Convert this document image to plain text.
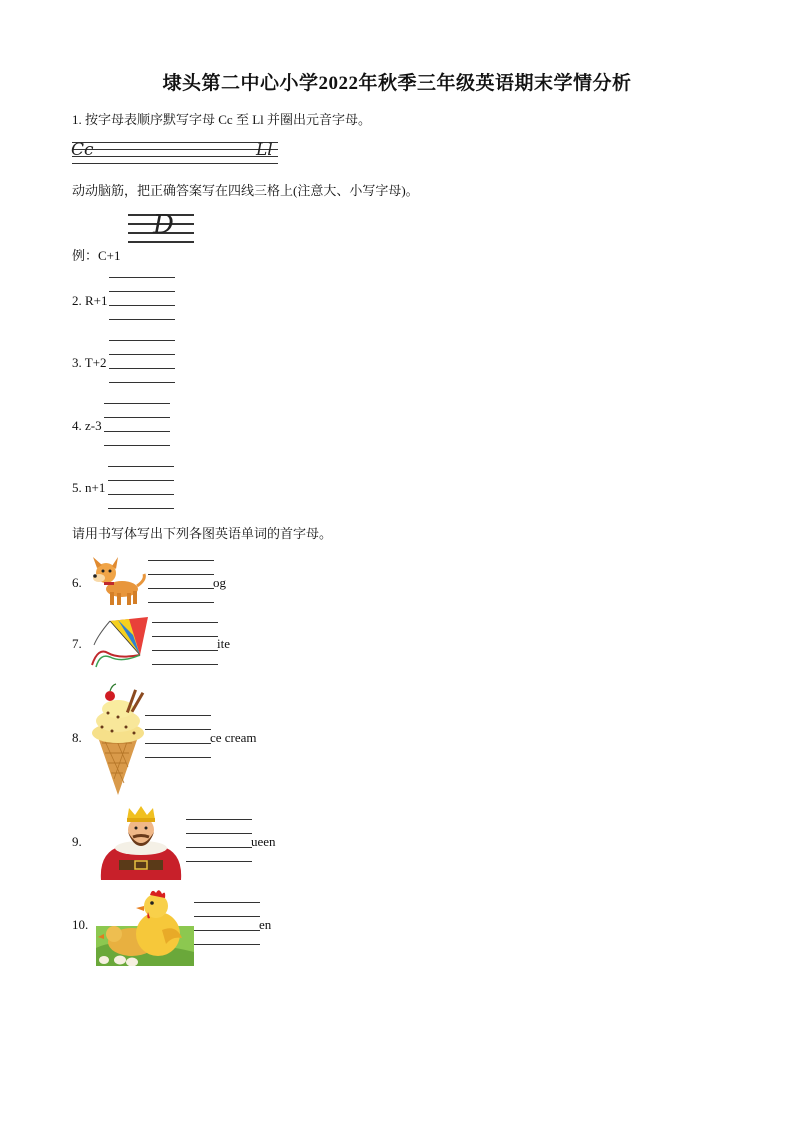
埭头第二中心小学2022年秋季三年级英语期末学情分析
1. 按字母表顺序默写字母 Cc 至 Ll 并圈出元音字母。
Cc	Ll
动动脑筋，把正确答案写在四线三格上(注意大、小写字母)。
D
例：C+1
2. R+1
3. T+2
4. z-3
5. n+1
请用书写体写出下列各图英语单词的首字母。
6.	og
7.	ite
8.	ce cream
9.	ueen
10.	en
